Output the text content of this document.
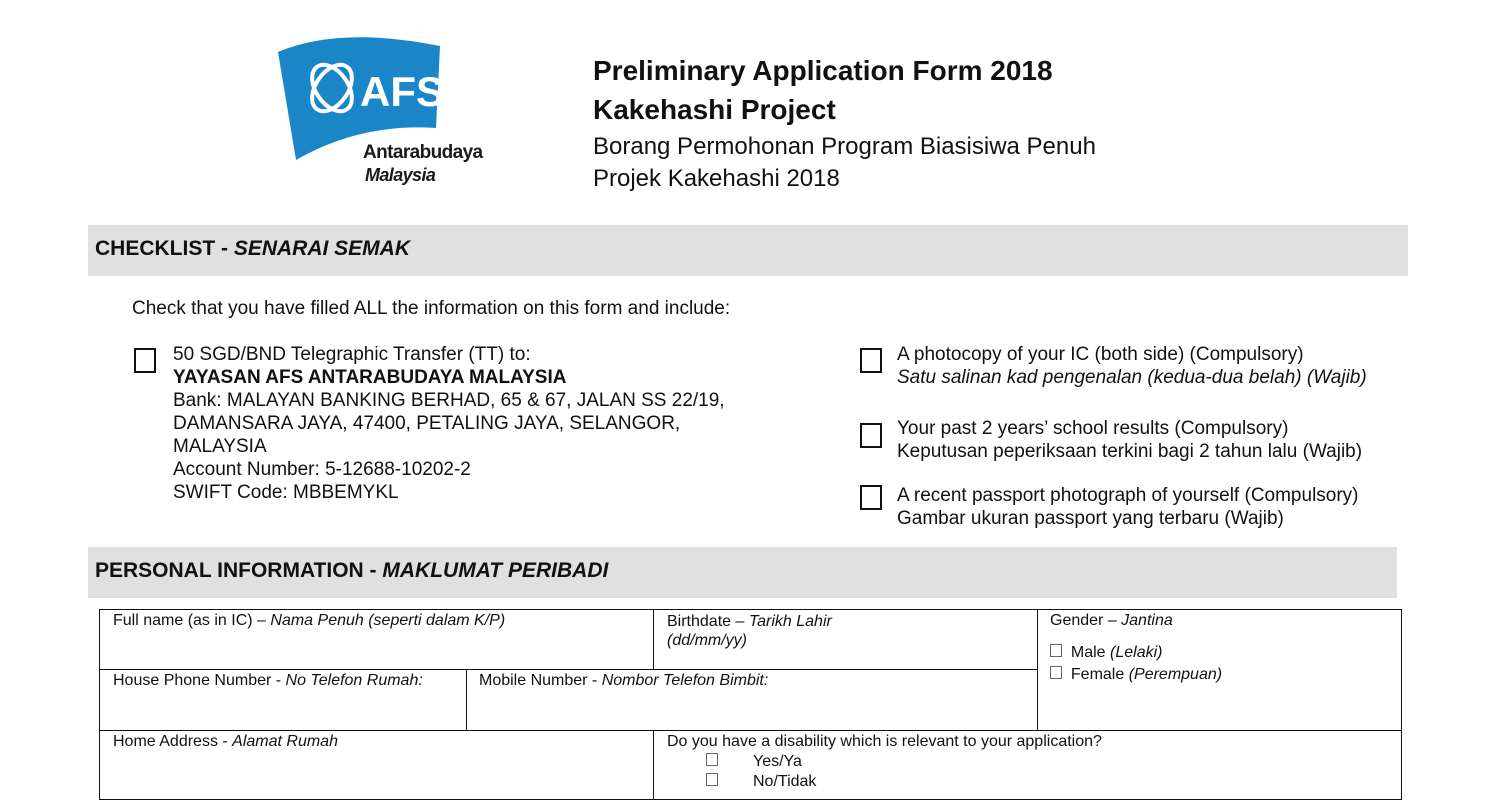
AFS
Antarabudaya
Malaysia
Preliminary Application Form 2018
Kakehashi Project
Borang Permohonan Program Biasisiwa Penuh
Projek Kakehashi 2018
CHECKLIST - SENARAI SEMAK
Check that you have filled ALL the information on this form and include:
50 SGD/BND Telegraphic Transfer (TT) to:
YAYASAN AFS ANTARABUDAYA MALAYSIA
Bank: MALAYAN BANKING BERHAD, 65 & 67, JALAN SS 22/19,
DAMANSARA JAYA, 47400, PETALING JAYA, SELANGOR,
MALAYSIA
Account Number: 5-12688-10202-2
SWIFT Code: MBBEMYKL
A photocopy of your IC (both side) (Compulsory)
Satu salinan kad pengenalan (kedua-dua belah) (Wajib)
Your past 2 years’ school results (Compulsory)
Keputusan peperiksaan terkini bagi 2 tahun lalu (Wajib)
A recent passport photograph of yourself (Compulsory)
Gambar ukuran passport yang terbaru (Wajib)
PERSONAL INFORMATION - MAKLUMAT PERIBADI
Full name (as in IC) – Nama Penuh (seperti dalam K/P)	Birthdate – Tarikh Lahir
(dd/mm/yy)
Gender – Jantina
Male (Lelaki)
Female (Perempuan)
House Phone Number - No Telefon Rumah:	Mobile Number - Nombor Telefon Bimbit:
Home Address - Alamat Rumah	Do you have a disability which is relevant to your application?
Yes/Ya
No/Tidak
